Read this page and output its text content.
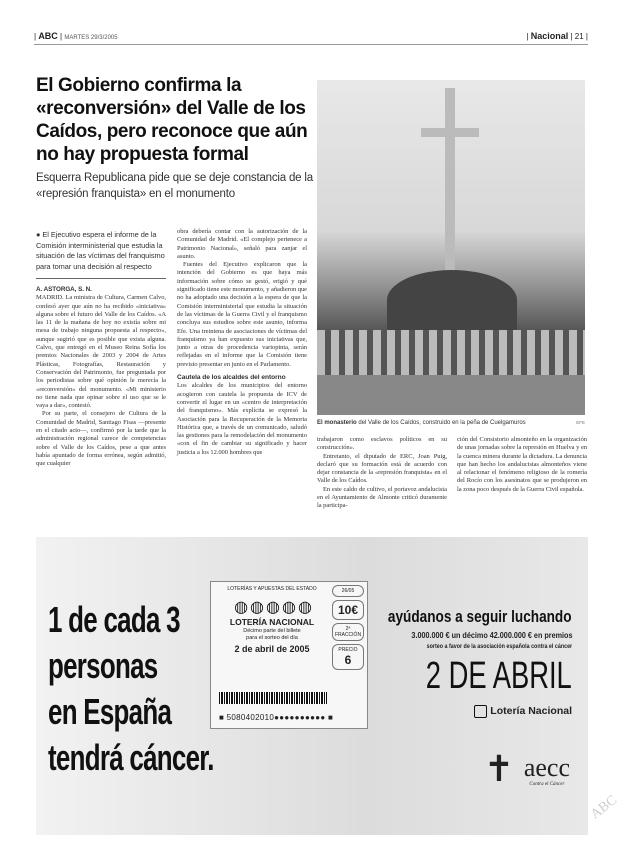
| ABC | MARTES 29/3/2005	| Nacional | 21 |
El Gobierno confirma la «reconversión» del Valle de los Caídos, pero reconoce que aún no hay propuesta formal
Esquerra Republicana pide que se deje constancia de la «represión franquista» en el monumento
El monasterio del Valle de los Caídos, construido en la peña de Cuelgamuros	EFE
● El Ejecutivo espera el informe de la Comisión interministerial que estudia la situación de las víctimas del franquismo para tomar una decisión al respecto
A. ASTORGA, S. N.

MADRID. La ministra de Cultura, Carmen Calvo, confesó ayer que aún no ha recibido «iniciativa» alguna sobre el futuro del Valle de los Caídos. «A las 11 de la mañana de hoy no existía sobre mi mesa de trabajo ninguna propuesta al respecto», aunque sugirió que es posible que exista alguna. Calvo, que entregó en el Museo Reina Sofía los premios Nacionales de 2003 y 2004 de Artes Plásticas, Fotografías, Restauración y Conservación del Patrimonio, fue preguntada por los periodistas sobre qué opinión le merecía la «reconversión» del monumento. «Mi ministerio no tiene nada que opinar sobre el uso que se le vaya a dar», contestó.

Por su parte, el consejero de Cultura de la Comunidad de Madrid, Santiago Fisas —presente en el citado acto—, confirmó por la tarde que la administración regional carece de competencias sobre el Valle de los Caídos, pese a que antes había apuntado de forma errónea, según admitió, que cualquier

obra debería contar con la autorización de la Comunidad de Madrid. «El complejo pertenece a Patrimonio Nacional», señaló para zanjar el asunto.

Fuentes del Ejecutivo explicaron que la intención del Gobierno es que haya más información sobre cómo se gestó, erigió y qué significado tiene este monumento, y añadieron que no ha adoptado una decisión a la espera de que la Comisión interministerial que estudia la situación de las víctimas de la Guerra Civil y el franquismo concluya sus estudios sobre este asunto, informa Efe. Una treintena de asociaciones de víctimas del franquismo ya han expuesto sus iniciativas que, junto a otras de procedencia variopinta, serán reflejadas en el informe que la Comisión tiene previsto presentar en junio en el Parlamento.

Cautela de los alcaldes del entorno

Los alcaldes de los municipios del entorno acogieron con cautela la propuesta de ICV de convertir el lugar en un «centro de interpretación del franquismo». Más explícita se expresó la Asociación para la Recuperación de la Memoria Histórica que, a través de un comunicado, saludó las gestiones para la remodelación del monumento «con el fin de cambiar su significado y hacer justicia a los 12.000 hombres que

trabajaron como esclavos políticos en su construcción».

Entretanto, el diputado de ERC, Joan Puig, declaró que su formación está de acuerdo con dejar constancia de la «represión franquista» en el Valle de los Caídos.

En este caldo de cultivo, el portavoz andalucista en el Ayuntamiento de Almonte criticó duramente la participa-

ción del Consistorio almonteño en la organización de unas jornadas sobre la represión en Huelva y en la cuenca minera durante la dictadura. La denuncia que han hecho los andalucistas almonteños viene al relacionar el fenómeno religioso de la romería del Rocío con los asesinatos que se produjeron en la zona poco después de la Guerra Civil española.

1 de cada 3
personas
en España
tendrá cáncer.
LOTERÍAS Y APUESTAS DEL ESTADO
◍◍◍◍◍
LOTERÍA NACIONAL
Décimo parte del billete
para el sorteo del día
2 de abril de 2005
26/05
10€
2ª FRACCIÓN
PRECIO
6
■ 5080402010●●●●●●●●●● ■
ayúdanos a seguir luchando
3.000.000 € un décimo 42.000.000 € en premios
sorteo a favor de la asociación española contra el cáncer
2 DE ABRIL
Lotería Nacional
✝ aecc
Contra el Cáncer
ABC
